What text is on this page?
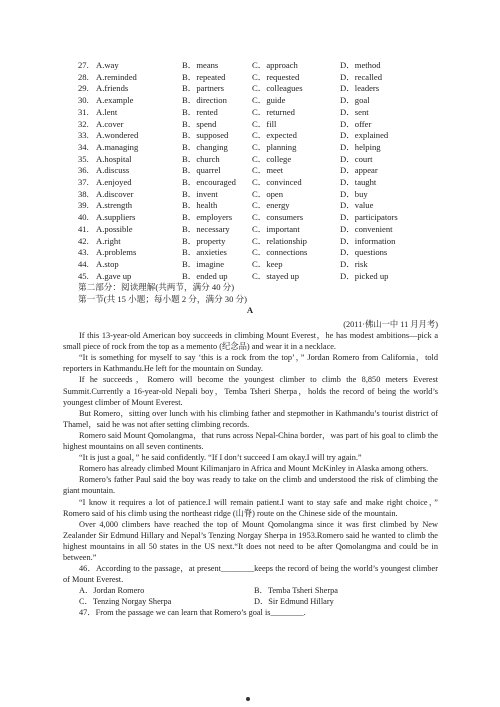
27. A.way	B．means	C．approach	D．method
28. A.reminded	B．repeated	C．requested	D．recalled
29. A.friends	B．partners	C．colleagues	D．leaders
30. A.example	B．direction	C．guide	D．goal
31. A.lent	B．rented	C．returned	D．sent
32. A.cover	B．spend	C．fill	D．offer
33. A.wondered	B．supposed	C．expected	D．explained
34. A.managing	B．changing	C．planning	D．helping
35. A.hospital	B．church	C．college	D．court
36. A.discuss	B．quarrel	C．meet	D．appear
37. A.enjoyed	B．encouraged	C．convinced	D．taught
38. A.discover	B．invent	C．open	D．buy
39. A.strength	B．health	C．energy	D．value
40. A.suppliers	B．employers	C．consumers	D．participators
41. A.possible	B．necessary	C．important	D．convenient
42. A.right	B．property	C．relationship	D．information
43. A.problems	B．anxieties	C．connections	D．questions
44. A.stop	B．imagine	C．keep	D．risk
45. A.gave up	B．ended up	C．stayed up	D．picked up
第二部分：阅读理解(共两节，满分 40 分)
第一节(共 15 小题；每小题 2 分，满分 30 分)
A
(2011·佛山一中 11 月月考)

If this 13-year-old American boy succeeds in climbing Mount Everest，he has modest ambitions—pick a small piece of rock from the top as a memento (纪念品) and wear it in a necklace.

“It is something for myself to say ‘this is a rock from the top’，” Jordan Romero from California，told reporters in Kathmandu.He left for the mountain on Sunday.

If he succeeds，Romero will become the youngest climber to climb the 8,850 meters Everest Summit.Currently a 16-year-old Nepali boy，Temba Tsheri Sherpa，holds the record of being the world’s youngest climber of Mount Everest.

But Romero，sitting over lunch with his climbing father and stepmother in Kathmandu’s tourist district of Thamel，said he was not after setting climbing records.

Romero said Mount Qomolangma，that runs across Nepal-China border，was part of his goal to climb the highest mountains on all seven continents.

“It is just a goal，” he said confidently. “If I don’t succeed I am okay.I will try again.”

Romero has already climbed Mount Kilimanjaro in Africa and Mount McKinley in Alaska among others.

Romero’s father Paul said the boy was ready to take on the climb and understood the risk of climbing the giant mountain.

“I know it requires a lot of patience.I will remain patient.I want to stay safe and make right choice，” Romero said of his climb using the northeast ridge (山脊) route on the Chinese side of the mountain.

Over 4,000 climbers have reached the top of Mount Qomolangma since it was first climbed by New Zealander Sir Edmund Hillary and Nepal’s Tenzing Norgay Sherpa in 1953.Romero said he wanted to climb the highest mountains in all 50 states in the US next.“It does not need to be after Qomolangma and could be in between.”

46．According to the passage，at present________keeps the record of being the world’s youngest climber of Mount Everest.

A．Jordan Romero	B．Temba Tsheri Sherpa
C．Tenzing Norgay Sherpa	D．Sir Edmund Hillary

47．From the passage we can learn that Romero’s goal is________.
